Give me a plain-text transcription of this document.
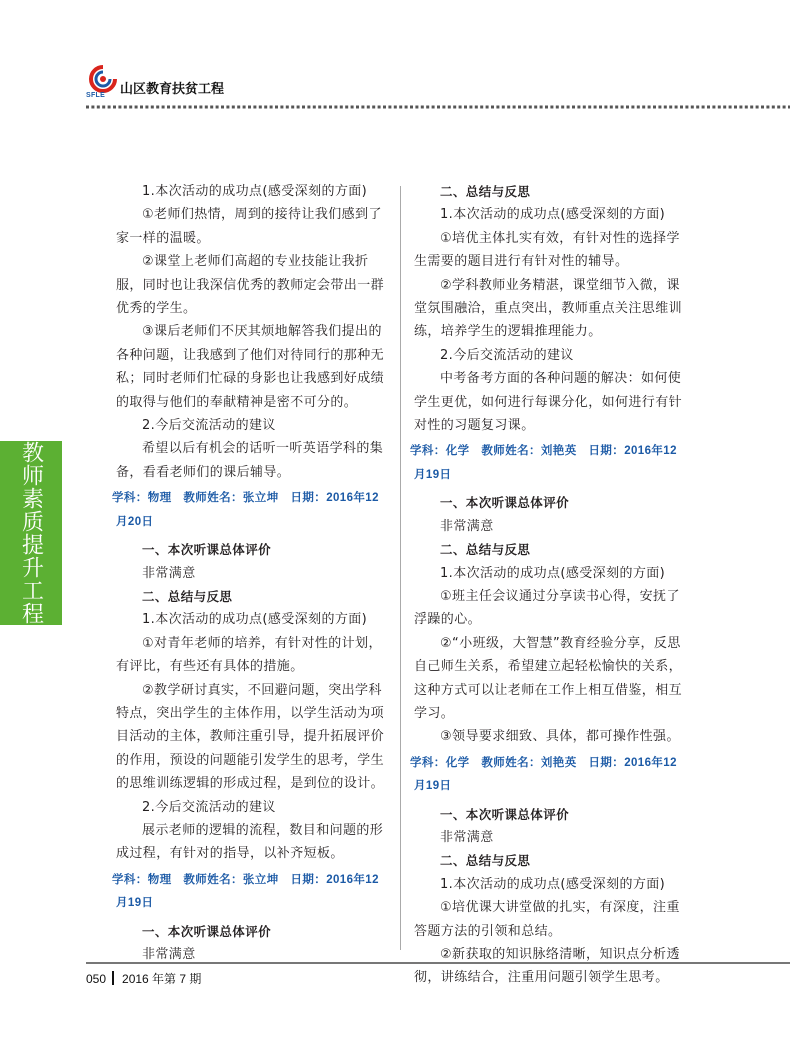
SFLE 山区教育扶贫工程
教师素质提升工程

1.本次活动的成功点(感受深刻的方面)

①老师们热情，周到的接待让我们感到了家一样的温暖。

②课堂上老师们高超的专业技能让我折服，同时也让我深信优秀的教师定会带出一群优秀的学生。

③课后老师们不厌其烦地解答我们提出的各种问题，让我感到了他们对待同行的那种无私；同时老师们忙碌的身影也让我感到好成绩的取得与他们的奉献精神是密不可分的。

2.今后交流活动的建议

希望以后有机会的话听一听英语学科的集备，看看老师们的课后辅导。

学科：物理　教师姓名：张立坤　日期：2016年12月20日

一、本次听课总体评价

非常满意

二、总结与反思

1.本次活动的成功点(感受深刻的方面)

①对青年老师的培养，有针对性的计划，有评比，有些还有具体的措施。

②教学研讨真实，不回避问题，突出学科特点，突出学生的主体作用，以学生活动为项目活动的主体，教师注重引导，提升拓展评价的作用，预设的问题能引发学生的思考，学生的思维训练逻辑的形成过程，是到位的设计。

2.今后交流活动的建议

展示老师的逻辑的流程，数目和问题的形成过程，有针对的指导，以补齐短板。

学科：物理　教师姓名：张立坤　日期：2016年12月19日

一、本次听课总体评价

非常满意

二、总结与反思

1.本次活动的成功点(感受深刻的方面)

①培优主体扎实有效，有针对性的选择学生需要的题目进行有针对性的辅导。

②学科教师业务精湛，课堂细节入微，课堂氛围融洽，重点突出，教师重点关注思维训练，培养学生的逻辑推理能力。

2.今后交流活动的建议

中考备考方面的各种问题的解决：如何使学生更优，如何进行每课分化，如何进行有针对性的习题复习课。

学科：化学　教师姓名：刘艳英　日期：2016年12月19日

一、本次听课总体评价

非常满意

二、总结与反思

1.本次活动的成功点(感受深刻的方面)

①班主任会议通过分享读书心得，安抚了浮躁的心。

②“小班级，大智慧”教育经验分享，反思自己师生关系，希望建立起轻松愉快的关系，这种方式可以让老师在工作上相互借鉴，相互学习。

③领导要求细致、具体，都可操作性强。

学科：化学　教师姓名：刘艳英　日期：2016年12月19日

一、本次听课总体评价

非常满意

二、总结与反思

1.本次活动的成功点(感受深刻的方面)

①培优课大讲堂做的扎实，有深度，注重答题方法的引领和总结。

②新获取的知识脉络清晰，知识点分析透彻，讲练结合，注重用问题引领学生思考。

050 2016 年第 7 期
